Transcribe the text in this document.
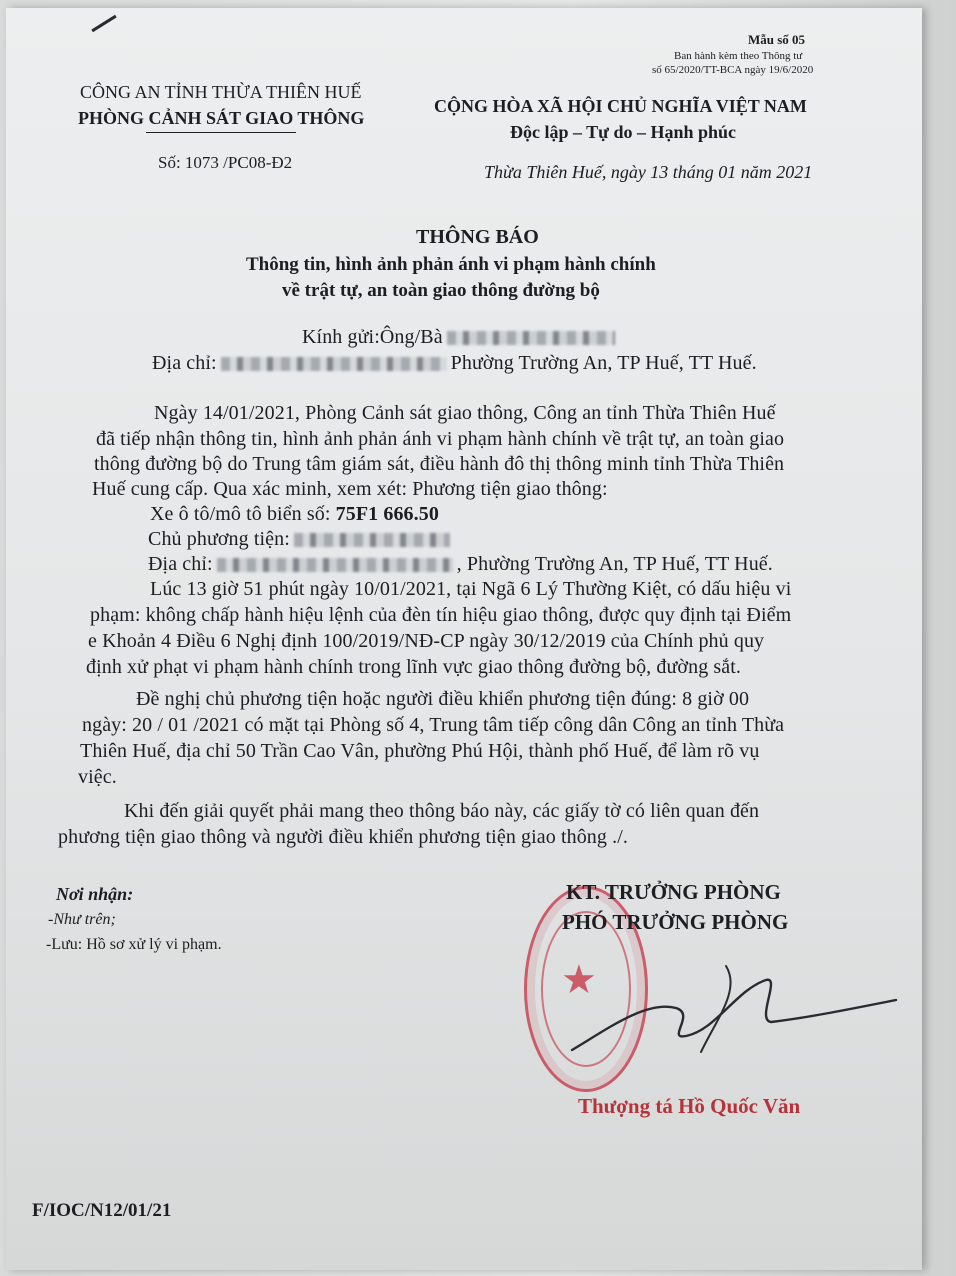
Mẫu số 05
Ban hành kèm theo Thông tư
số 65/2020/TT-BCA ngày 19/6/2020
CÔNG AN TỈNH THỪA THIÊN HUẾ
PHÒNG CẢNH SÁT GIAO THÔNG
Số: 1073 /PC08-Đ2
CỘNG HÒA XÃ HỘI CHỦ NGHĨA VIỆT NAM
Độc lập – Tự do – Hạnh phúc
Thừa Thiên Huế, ngày 13 tháng 01 năm 2021
THÔNG BÁO
Thông tin, hình ảnh phản ánh vi phạm hành chính
về trật tự, an toàn giao thông đường bộ
Kính gửi:Ông/Bà
Địa chỉ:	Phường Trường An, TP Huế, TT Huế.
Ngày 14/01/2021, Phòng Cảnh sát giao thông, Công an tỉnh Thừa Thiên Huế
đã tiếp nhận thông tin, hình ảnh phản ánh vi phạm hành chính về trật tự, an toàn giao
thông đường bộ do Trung tâm giám sát, điều hành đô thị thông minh tỉnh Thừa Thiên
Huế cung cấp. Qua xác minh, xem xét: Phương tiện giao thông:
Xe ô tô/mô tô biển số: 75F1 666.50
Chủ phương tiện:
Địa chỉ:	, Phường Trường An, TP Huế, TT Huế.
Lúc 13 giờ 51 phút ngày 10/01/2021, tại Ngã 6 Lý Thường Kiệt, có dấu hiệu vi
phạm: không chấp hành hiệu lệnh của đèn tín hiệu giao thông, được quy định tại Điểm
e Khoản 4 Điều 6 Nghị định 100/2019/NĐ-CP ngày 30/12/2019 của Chính phủ quy
định xử phạt vi phạm hành chính trong lĩnh vực giao thông đường bộ, đường sắt.
Đề nghị chủ phương tiện hoặc người điều khiển phương tiện đúng: 8 giờ 00
ngày: 20 / 01 /2021 có mặt tại Phòng số 4, Trung tâm tiếp công dân Công an tỉnh Thừa
Thiên Huế, địa chỉ 50 Trần Cao Vân, phường Phú Hội, thành phố Huế, để làm rõ vụ
việc.
Khi đến giải quyết phải mang theo thông báo này, các giấy tờ có liên quan đến
phương tiện giao thông và người điều khiển phương tiện giao thông ./.
Nơi nhận:
-Như trên;
-Lưu: Hồ sơ xử lý vi phạm.
★
KT. TRƯỞNG PHÒNG
PHÓ TRƯỞNG PHÒNG
Thượng tá Hồ Quốc Văn
F/IOC/N12/01/21
